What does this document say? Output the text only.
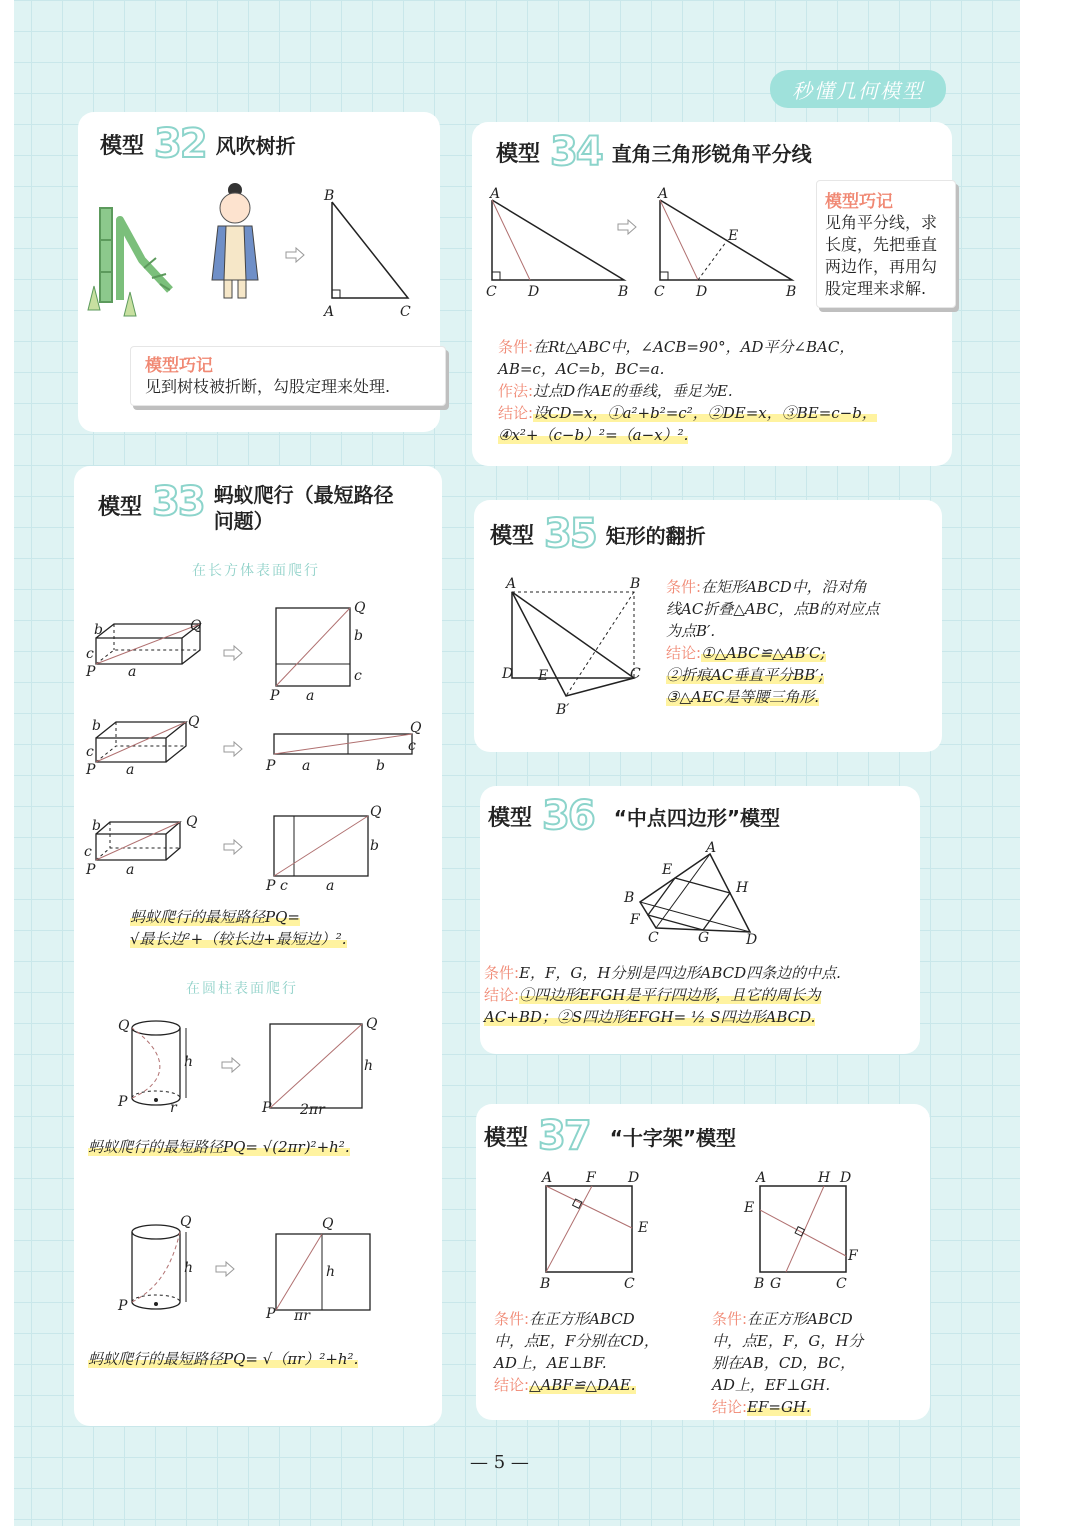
秒懂几何模型
模型 32 风吹树折
B
A	C
模型巧记
见到树枝被折断，勾股定理来处理.
模型 34 直角三角形锐角平分线
A
C D	B
A
E
C D	B
模型巧记
见角平分线，求
长度，先把垂直
两边作，再用勾
股定理来求解.
条件:在Rt△ABC中，∠ACB=90°，AD平分∠BAC，
AB=c，AC=b，BC=a.
作法:过点D作AE的垂线，垂足为E.
结论:设CD=x，①a²+b²=c²，②DE=x，③BE=c−b，
④x²+（c−b）²=（a−x）².
模型 33 蚂蚁爬行（最短路径
问题）
在长方体表面爬行
P
Q
a
b
c
P
Q
a
b
c
P
Q
a
b
c
P
Q
a	b
c
P
Q
a
b
c
P
Q
c	a
b
蚂蚁爬行的最短路径PQ=
√最长边²+（较长边+最短边）².
在圆柱表面爬行
Q
P
h
r	P
Q
h
2πr
蚂蚁爬行的最短路径PQ= √(2πr)²+h².
Q
P
h
P
Q
h
πr
蚂蚁爬行的最短路径PQ= √（πr）²+h².
模型 35 矩形的翻折
A	B
D E	C
B′
条件:在矩形ABCD中，沿对角
线AC折叠△ABC，点B的对应点
为点B′.
结论:①△ABC≌△AB′C;
②折痕AC垂直平分BB′;
③△AEC是等腰三角形.
模型 36 “中点四边形”模型
A
B
C	D
E
F
G
H
条件:E，F，G，H分别是四边形ABCD四条边的中点.
结论:①四边形EFGH是平行四边形，且它的周长为
AC+BD；②S四边形EFGH= ½ S四边形ABCD.
模型 37 “十字架”模型
A F D
E
B	C
A	H D
E
F
B G	C
条件:在正方形ABCD
中，点E，F分别在CD，
AD上，AE⊥BF.
结论:△ABF≌△DAE.
条件:在正方形ABCD
中，点E，F，G，H分
别在AB，CD，BC，
AD上，EF⊥GH.
结论:EF=GH.
— 5 —
